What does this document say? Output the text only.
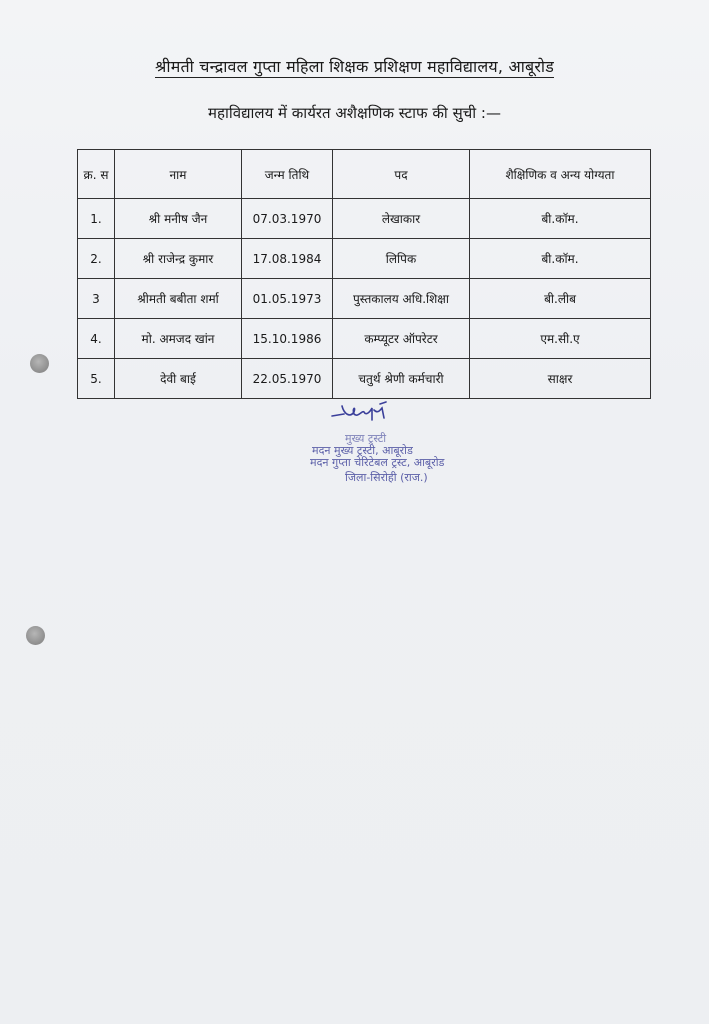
श्रीमती चन्द्रावल गुप्ता महिला शिक्षक प्रशिक्षण महाविद्यालय, आबूरोड
महाविद्यालय में कार्यरत अशैक्षणिक स्टाफ की सुची :—
क्र. स	नाम	जन्म तिथि	पद	शैक्षिणिक व अन्य योग्यता
1.	श्री मनीष जैन	07.03.1970	लेखाकार	बी.कॉम.
2.	श्री राजेन्द्र कुमार	17.08.1984	लिपिक	बी.कॉम.
3	श्रीमती बबीता शर्मा	01.05.1973	पुस्तकालय अधि.शिक्षा	बी.लीब
4.	मो. अमजद खांन	15.10.1986	कम्प्यूटर ऑपरेटर	एम.सी.ए
5.	देवी बाई	22.05.1970	चतुर्थ श्रेणी कर्मचारी	साक्षर
मुख्य ट्रस्टी
मदन मुख्य ट्रस्टी, आबूरोड
मदन गुप्ता चेरिटेबल ट्रस्ट, आबूरोड
जिला-सिरोही (राज.)
